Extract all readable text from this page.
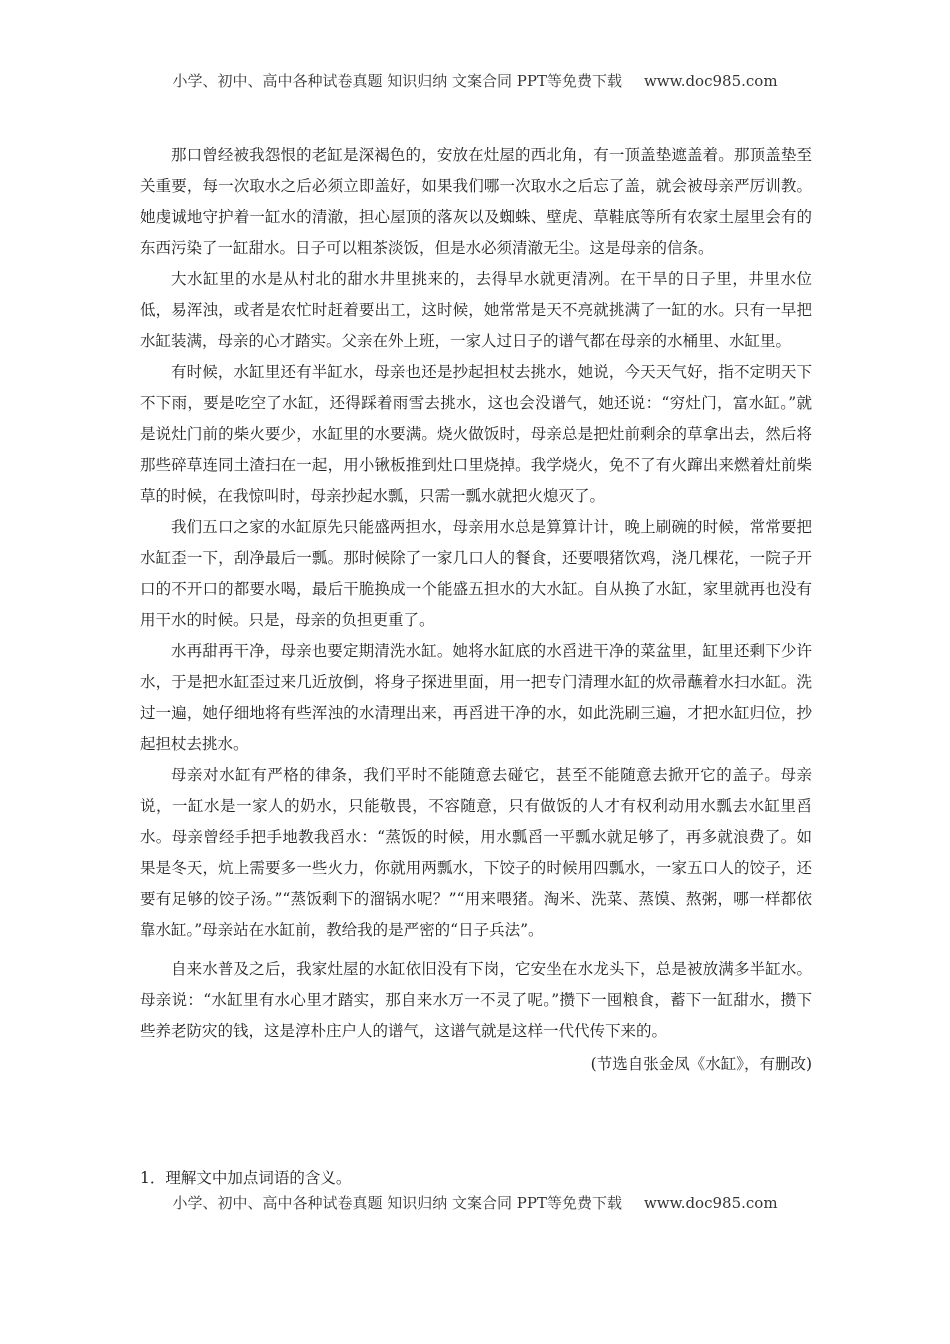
小学、初中、高中各种试卷真题 知识归纳 文案合同 PPT等免费下载 www.doc985.com

那口曾经被我怨恨的老缸是深褐色的，安放在灶屋的西北角，有一顶盖垫遮盖着。那顶盖垫至关重要，每一次取水之后必须立即盖好，如果我们哪一次取水之后忘了盖，就会被母亲严厉训教。她虔诚地守护着一缸水的清澈，担心屋顶的落灰以及蜘蛛、壁虎、草鞋底等所有农家土屋里会有的东西污染了一缸甜水。日子可以粗茶淡饭，但是水必须清澈无尘。这是母亲的信条。

大水缸里的水是从村北的甜水井里挑来的，去得早水就更清冽。在干旱的日子里，井里水位低，易浑浊，或者是农忙时赶着要出工，这时候，她常常是天不亮就挑满了一缸的水。只有一早把水缸装满，母亲的心才踏实。父亲在外上班，一家人过日子的谱气都在母亲的水桶里、水缸里。

有时候，水缸里还有半缸水，母亲也还是抄起担杖去挑水，她说，今天天气好，指不定明天下不下雨，要是吃空了水缸，还得踩着雨雪去挑水，这也会没谱气，她还说：“穷灶门，富水缸。”就是说灶门前的柴火要少，水缸里的水要满。烧火做饭时，母亲总是把灶前剩余的草拿出去，然后将那些碎草连同土渣扫在一起，用小锹板推到灶口里烧掉。我学烧火，免不了有火蹿出来燃着灶前柴草的时候，在我惊叫时，母亲抄起水瓢，只需一瓢水就把火熄灭了。

我们五口之家的水缸原先只能盛两担水，母亲用水总是算算计计，晚上刷碗的时候，常常要把水缸歪一下，刮净最后一瓢。那时候除了一家几口人的餐食，还要喂猪饮鸡，浇几棵花，一院子开口的不开口的都要水喝，最后干脆换成一个能盛五担水的大水缸。自从换了水缸，家里就再也没有用干水的时候。只是，母亲的负担更重了。

水再甜再干净，母亲也要定期清洗水缸。她将水缸底的水舀进干净的菜盆里，缸里还剩下少许水，于是把水缸歪过来几近放倒，将身子探进里面，用一把专门清理水缸的炊帚蘸着水扫水缸。洗过一遍，她仔细地将有些浑浊的水清理出来，再舀进干净的水，如此洗刷三遍，才把水缸归位，抄起担杖去挑水。

母亲对水缸有严格的律条，我们平时不能随意去碰它，甚至不能随意去掀开它的盖子。母亲说，一缸水是一家人的奶水，只能敬畏，不容随意，只有做饭的人才有权利动用水瓢去水缸里舀水。母亲曾经手把手地教我舀水：“蒸饭的时候，用水瓢舀一平瓢水就足够了，再多就浪费了。如果是冬天，炕上需要多一些火力，你就用两瓢水，下饺子的时候用四瓢水，一家五口人的饺子，还要有足够的饺子汤。”“蒸饭剩下的溜锅水呢？”“用来喂猪。淘米、洗菜、蒸馍、熬粥，哪一样都依靠水缸。”母亲站在水缸前，教给我的是严密的“日子兵法”。

自来水普及之后，我家灶屋的水缸依旧没有下岗，它安坐在水龙头下，总是被放满多半缸水。母亲说：“水缸里有水心里才踏实，那自来水万一不灵了呢。”攒下一囤粮食，蓄下一缸甜水，攒下些养老防灾的钱，这是淳朴庄户人的谱气，这谱气就是这样一代代传下来的。

(节选自张金凤《水缸》，有删改)
1．理解文中加点词语的含义。
小学、初中、高中各种试卷真题 知识归纳 文案合同 PPT等免费下载 www.doc985.com
